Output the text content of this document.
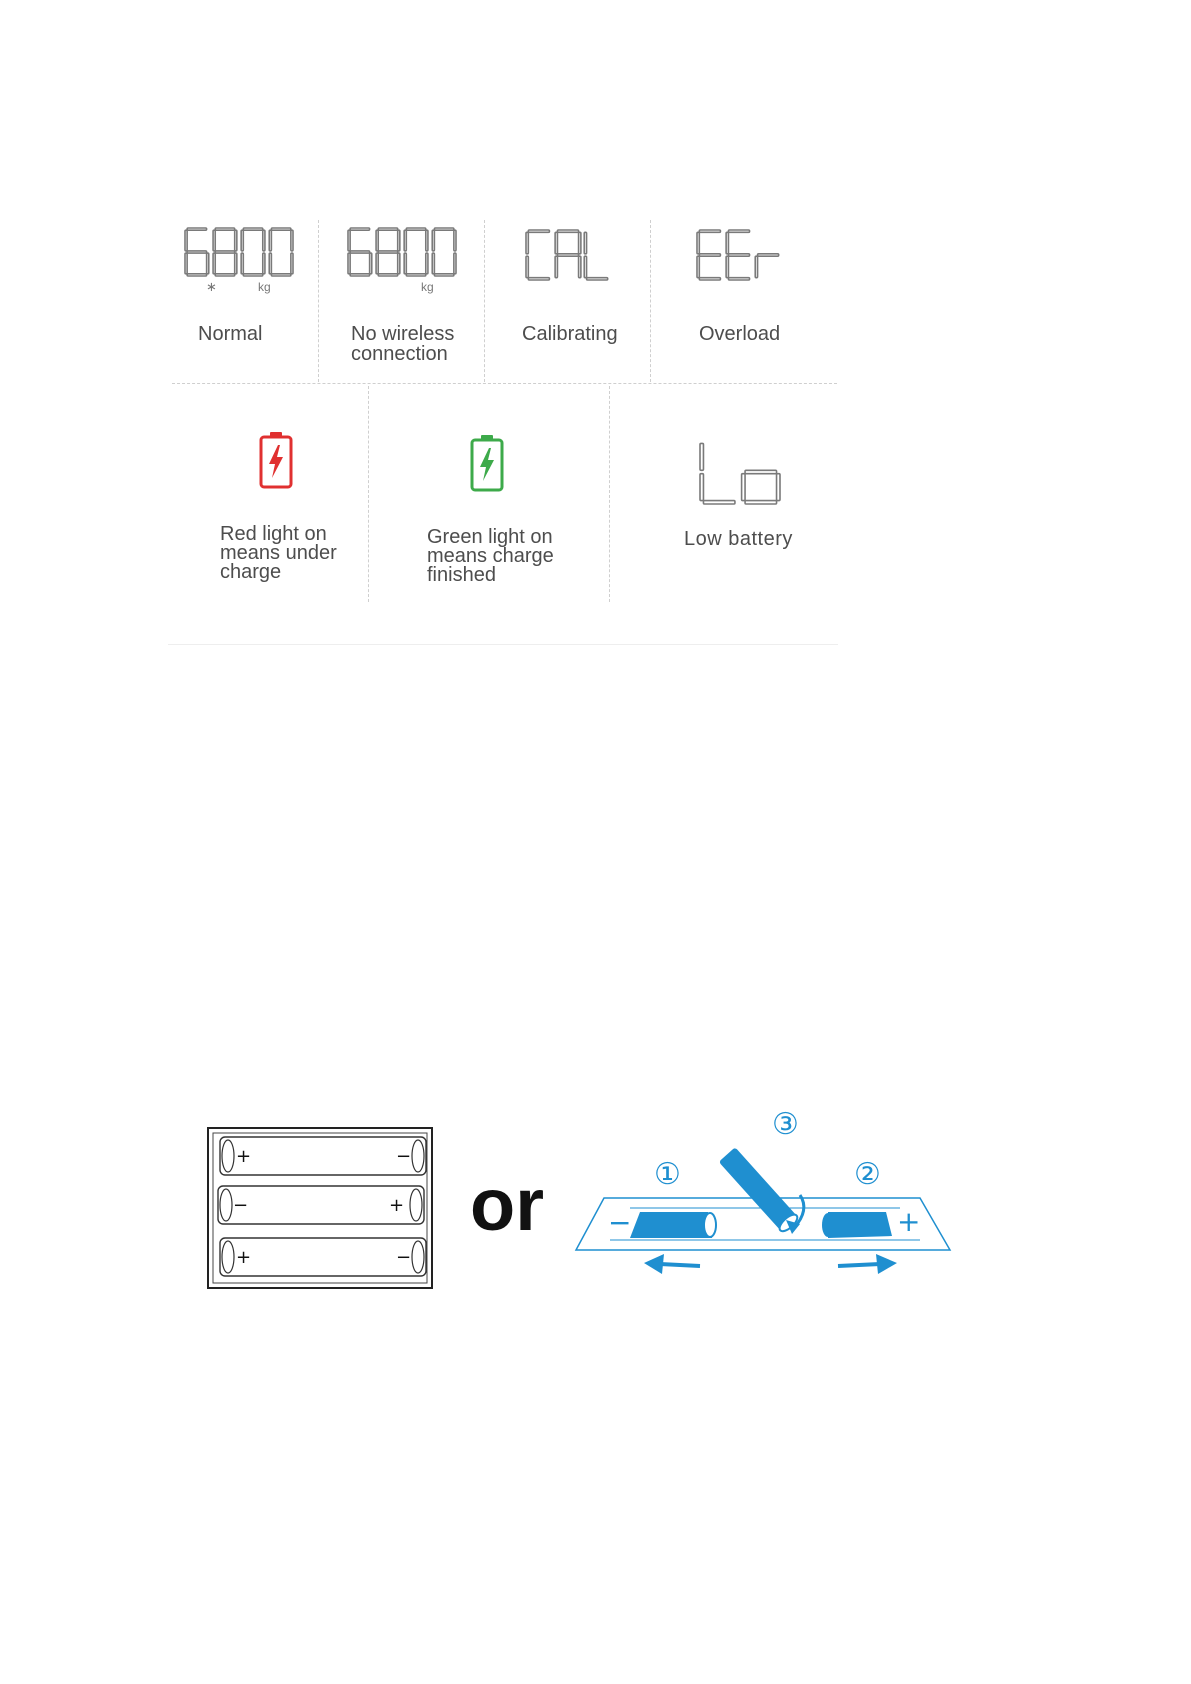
∗	kg
Normal
kg
No wireless
connection
Calibrating	Overload
Red light on
means under
charge
Green light on
means charge
finished
Low battery
+	−
−	+
+	−
or −	+
①	②
③
